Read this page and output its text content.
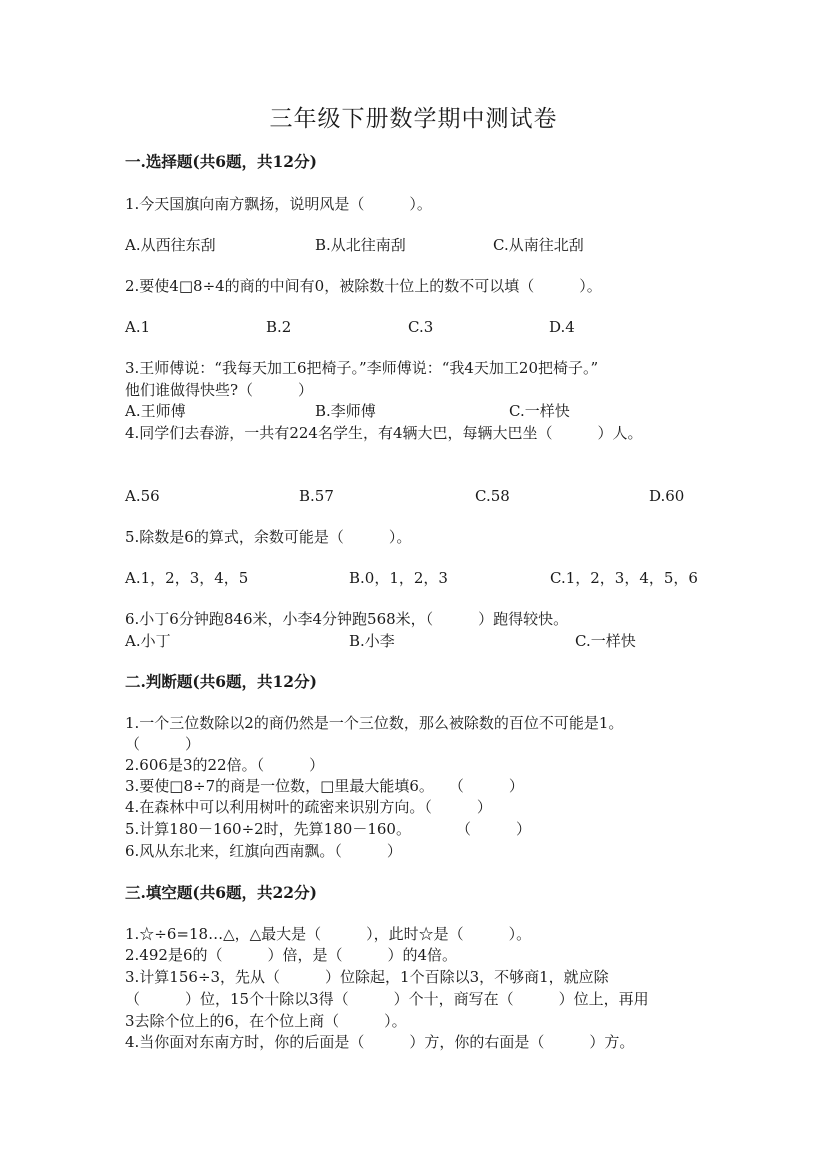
三年级下册数学期中测试卷
一.选择题(共6题，共12分)
1.今天国旗向南方飘扬，说明风是（　　　）。
A.从西往东刮	B.从北往南刮	C.从南往北刮
2.要使4□8÷4的商的中间有0，被除数十位上的数不可以填（　　　）。
A.1	B.2	C.3	D.4
3.王师傅说：“我每天加工6把椅子。”李师傅说：“我4天加工20把椅子。”
他们谁做得快些?（　　　）
A.王师傅	B.李师傅	C.一样快
4.同学们去春游，一共有224名学生，有4辆大巴，每辆大巴坐（　　　）人。
A.56	B.57	C.58	D.60
5.除数是6的算式，余数可能是（　　　）。
A.1，2，3，4，5	B.0，1，2，3	C.1，2，3，4，5，6
6.小丁6分钟跑846米，小李4分钟跑568米，（　　　）跑得较快。
A.小丁	B.小李	C.一样快
二.判断题(共6题，共12分)
1.一个三位数除以2的商仍然是一个三位数，那么被除数的百位不可能是1。
（　　　）
2.606是3的22倍。（　　　）
3.要使□8÷7的商是一位数，□里最大能填6。　　（　　　）
4.在森林中可以利用树叶的疏密来识别方向。（　　　）
5.计算180－160÷2时，先算180－160。　　　　（　　　）
6.风从东北来，红旗向西南飘。（　　　）
三.填空题(共6题，共22分)
1.☆÷6=18…△，△最大是（　　　），此时☆是（　　　）。
2.492是6的（　　　）倍，是（　　　）的4倍。
3.计算156÷3，先从（　　　）位除起，1个百除以3，不够商1，就应除
（　　　）位，15个十除以3得（　　　）个十，商写在（　　　）位上，再用
3去除个位上的6，在个位上商（　　　）。
4.当你面对东南方时，你的后面是（　　　）方，你的右面是（　　　）方。
